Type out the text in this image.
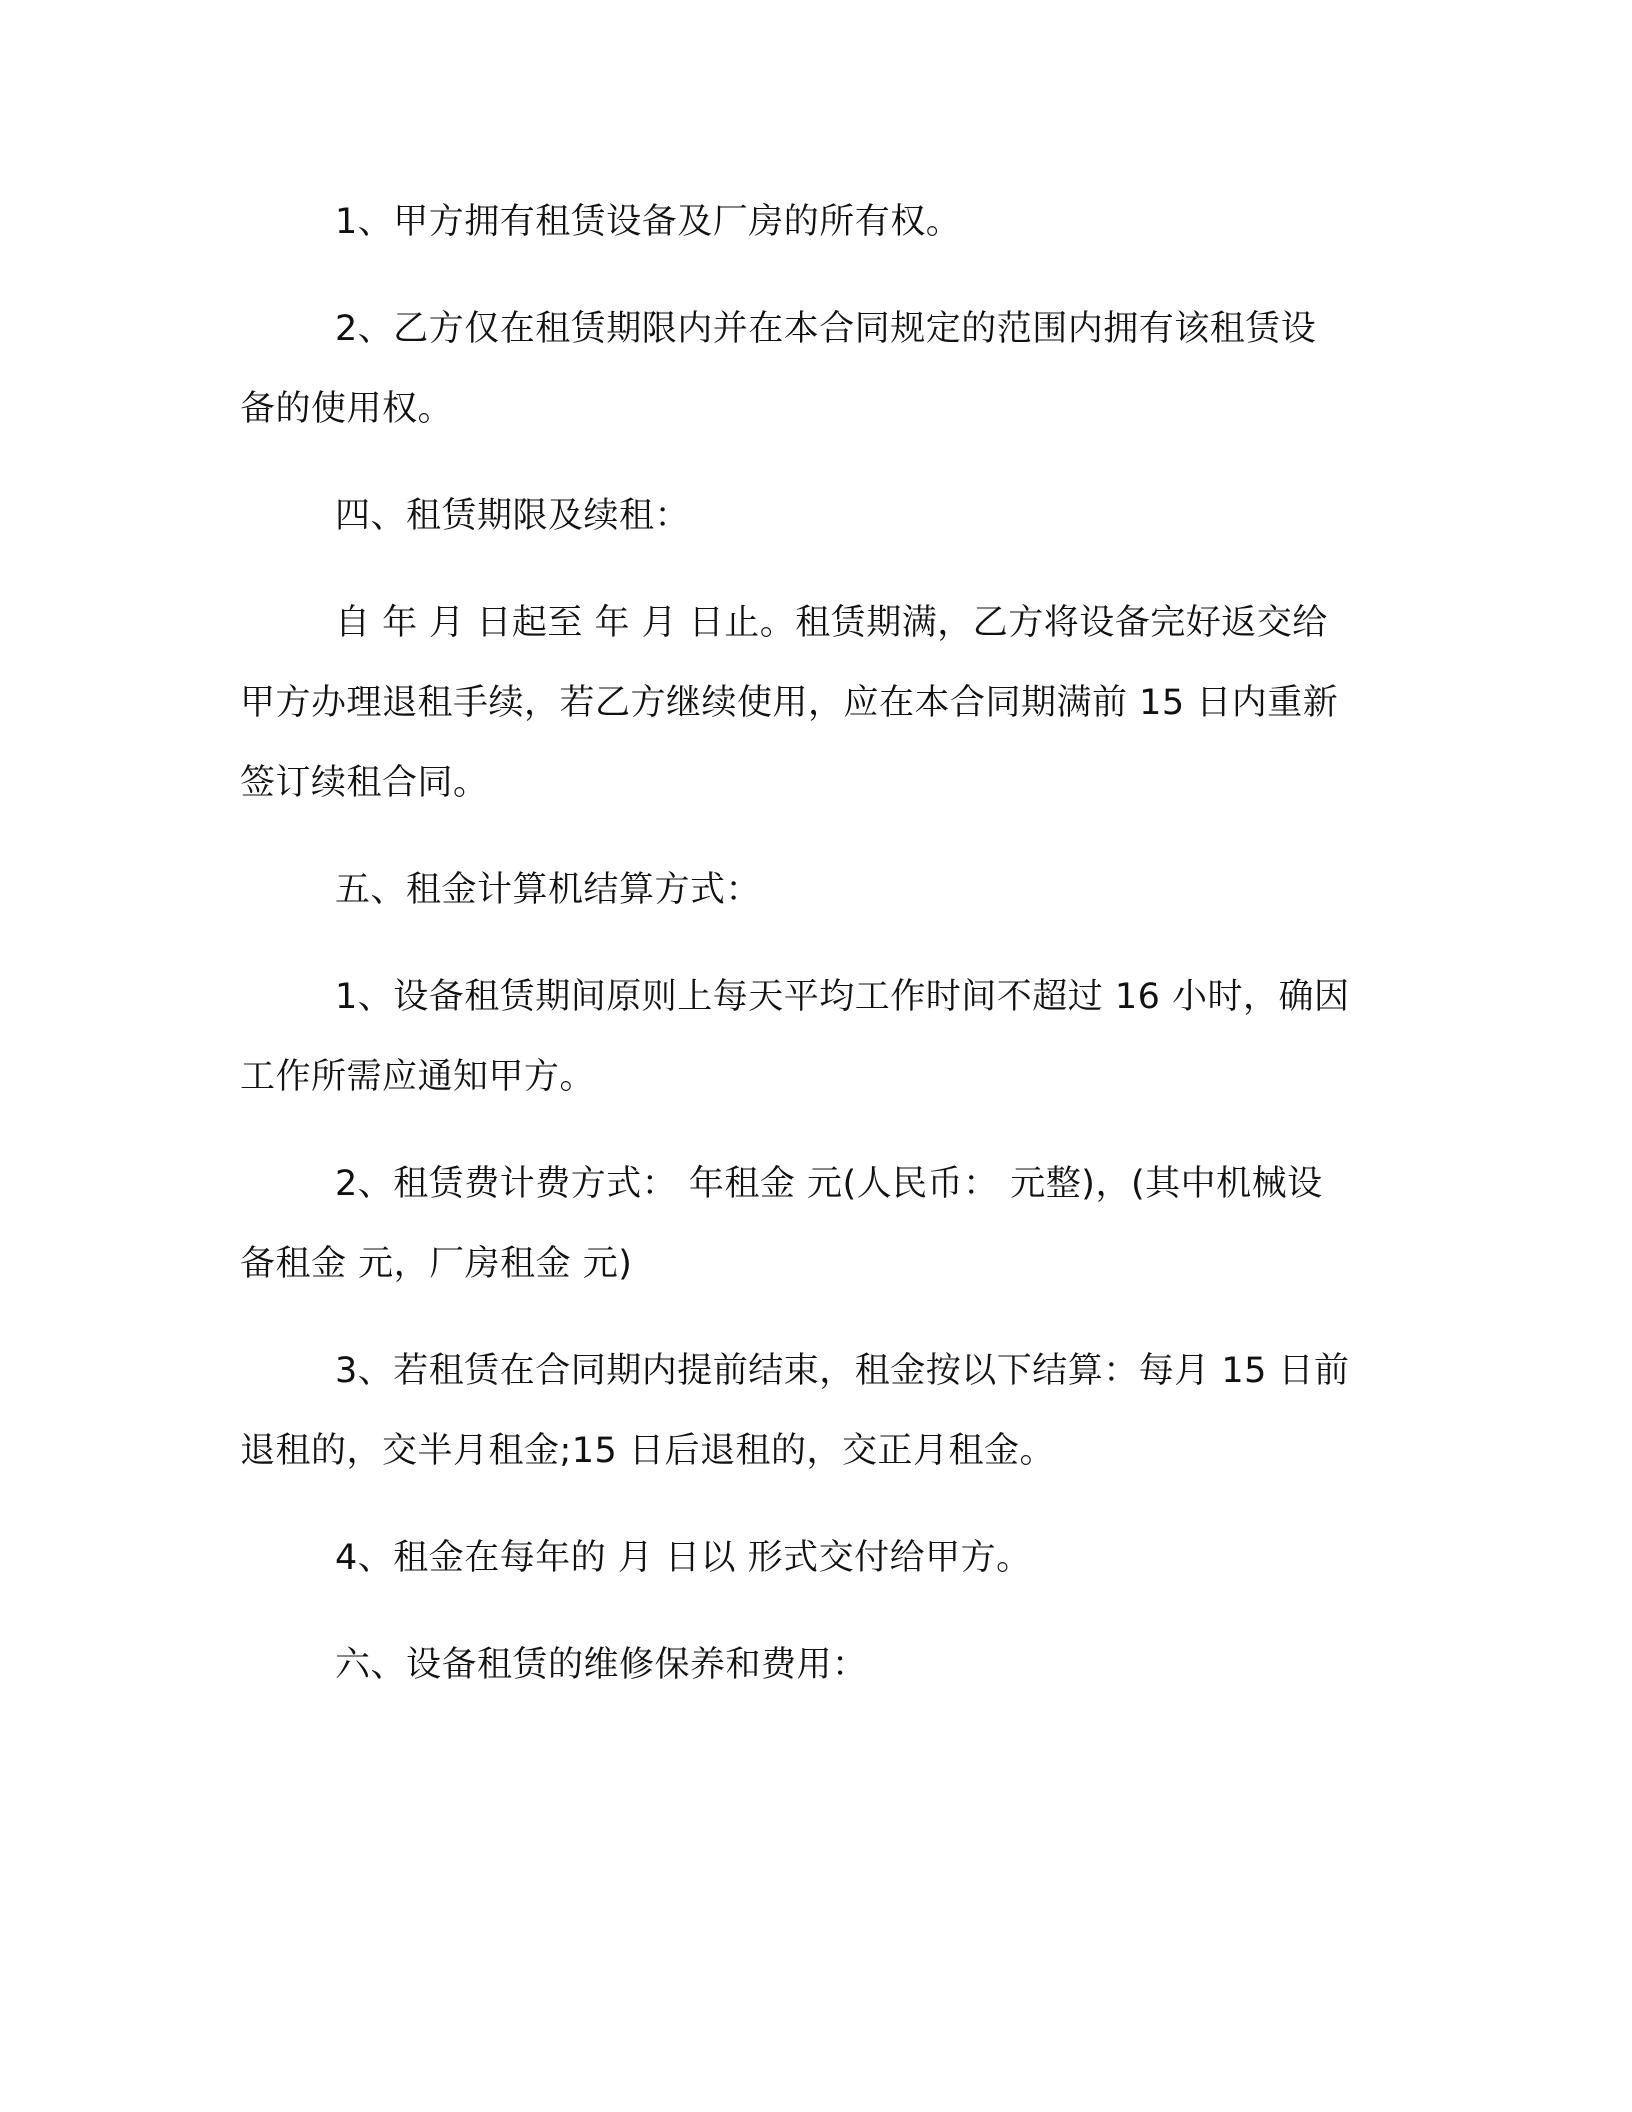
1、甲方拥有租赁设备及厂房的所有权。

2、乙方仅在租赁期限内并在本合同规定的范围内拥有该租赁设
备的使用权。

四、租赁期限及续租：

自 年 月 日起至 年 月 日止。租赁期满，乙方将设备完好返交给
甲方办理退租手续，若乙方继续使用，应在本合同期满前 15 日内重新
签订续租合同。

五、租金计算机结算方式：

1、设备租赁期间原则上每天平均工作时间不超过 16 小时，确因
工作所需应通知甲方。

2、租赁费计费方式： 年租金 元(人民币： 元整)，(其中机械设
备租金 元，厂房租金 元)

3、若租赁在合同期内提前结束，租金按以下结算：每月 15 日前
退租的，交半月租金;15 日后退租的，交正月租金。

4、租金在每年的 月 日以 形式交付给甲方。

六、设备租赁的维修保养和费用：
